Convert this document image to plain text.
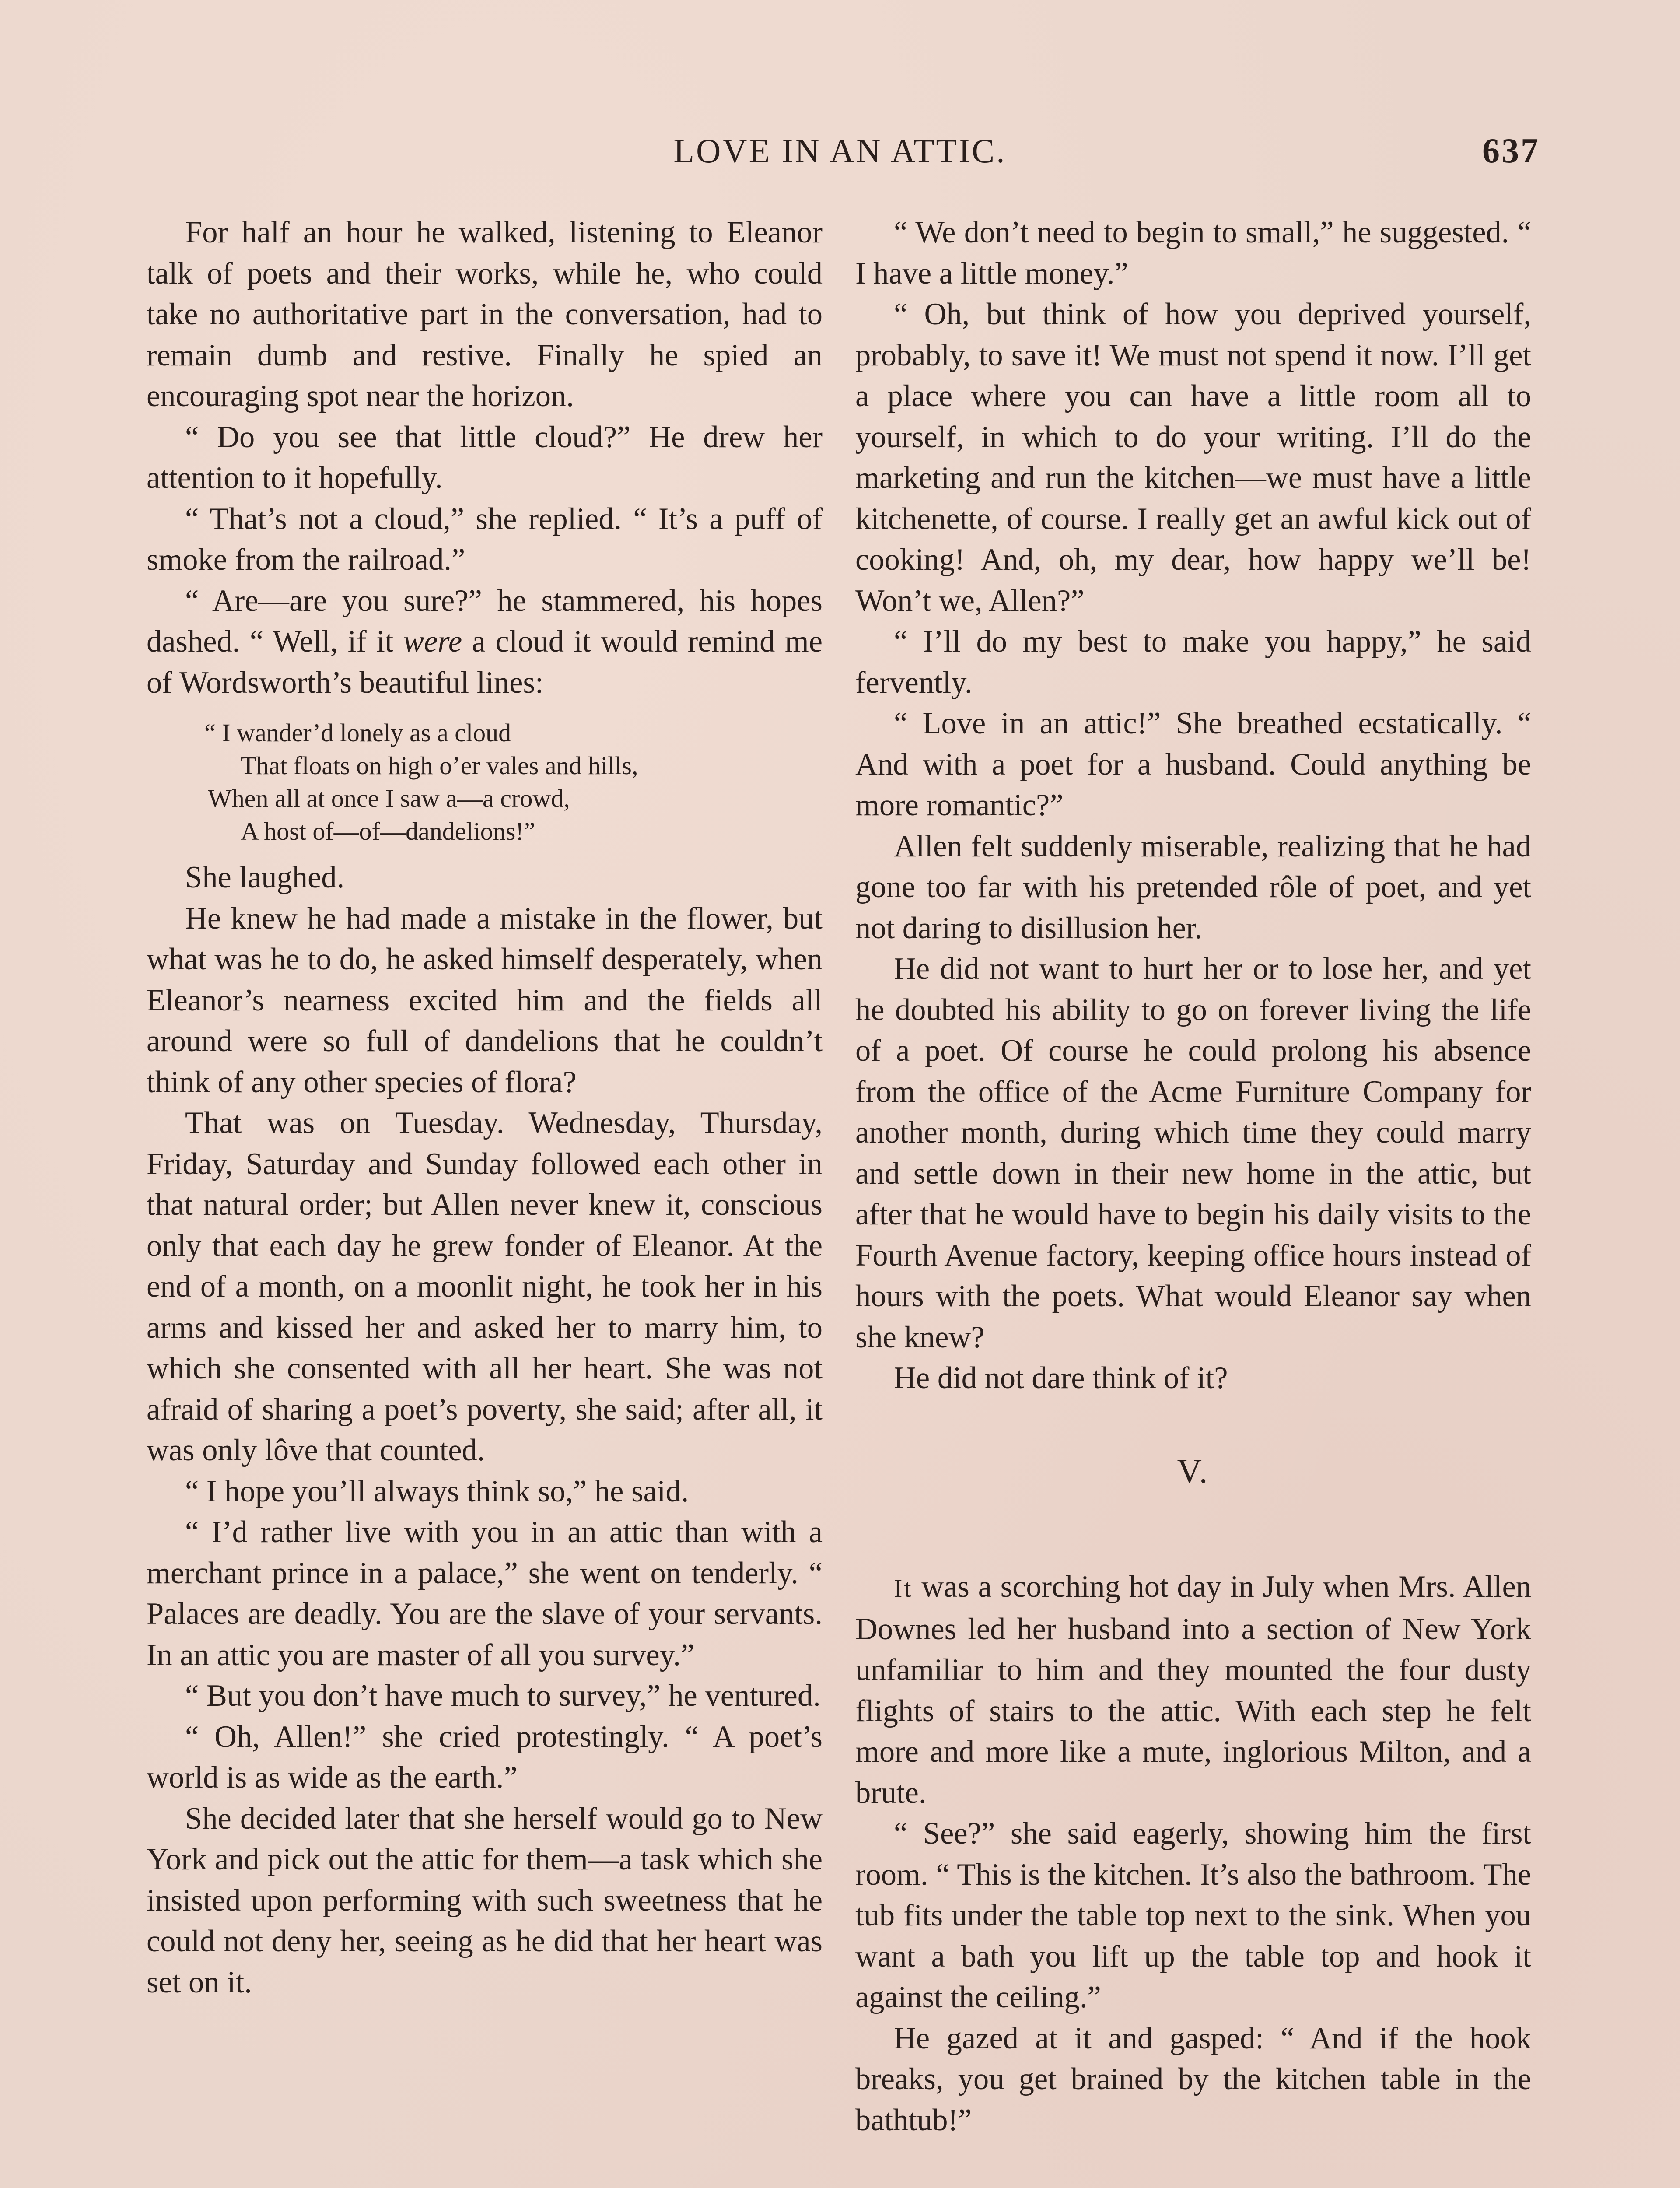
LOVE IN AN ATTIC.	637

For half an hour he walked, listening to Eleanor talk of poets and their works, while he, who could take no authoritative part in the conversation, had to remain dumb and restive. Finally he spied an encouraging spot near the horizon.

“ Do you see that little cloud?” He drew her attention to it hopefully.

“ That’s not a cloud,” she replied. “ It’s a puff of smoke from the railroad.”

“ Are—are you sure?” he stammered, his hopes dashed. “ Well, if it were a cloud it would remind me of Wordsworth’s beautiful lines:

“ I wander’d lonely as a cloud
That floats on high o’er vales and hills,
When all at once I saw a—a crowd,
A host of—of—dandelions!”

She laughed.

He knew he had made a mistake in the flower, but what was he to do, he asked himself desperately, when Eleanor’s nearness excited him and the fields all around were so full of dandelions that he couldn’t think of any other species of flora?

That was on Tuesday. Wednesday, Thursday, Friday, Saturday and Sunday followed each other in that natural order; but Allen never knew it, conscious only that each day he grew fonder of Eleanor. At the end of a month, on a moonlit night, he took her in his arms and kissed her and asked her to marry him, to which she consented with all her heart. She was not afraid of sharing a poet’s poverty, she said; after all, it was only lôve that counted.

“ I hope you’ll always think so,” he said.

“ I’d rather live with you in an attic than with a merchant prince in a palace,” she went on tenderly. “ Palaces are deadly. You are the slave of your servants. In an attic you are master of all you survey.”

“ But you don’t have much to survey,” he ventured.

“ Oh, Allen!” she cried protestingly. “ A poet’s world is as wide as the earth.”

She decided later that she herself would go to New York and pick out the attic for them—a task which she insisted upon performing with such sweetness that he could not deny her, seeing as he did that her heart was set on it.

“ We don’t need to begin to small,” he suggested. “ I have a little money.”

“ Oh, but think of how you deprived yourself, probably, to save it! We must not spend it now. I’ll get a place where you can have a little room all to yourself, in which to do your writing. I’ll do the marketing and run the kitchen—we must have a little kitchenette, of course. I really get an awful kick out of cooking! And, oh, my dear, how happy we’ll be! Won’t we, Allen?”

“ I’ll do my best to make you happy,” he said fervently.

“ Love in an attic!” She breathed ecstatically. “ And with a poet for a husband. Could anything be more romantic?”

Allen felt suddenly miserable, realizing that he had gone too far with his pretended rôle of poet, and yet not daring to disillusion her.

He did not want to hurt her or to lose her, and yet he doubted his ability to go on forever living the life of a poet. Of course he could prolong his absence from the office of the Acme Furniture Company for another month, during which time they could marry and settle down in their new home in the attic, but after that he would have to begin his daily visits to the Fourth Avenue factory, keeping office hours instead of hours with the poets. What would Eleanor say when she knew?

He did not dare think of it?

V.

It was a scorching hot day in July when Mrs. Allen Downes led her husband into a section of New York unfamiliar to him and they mounted the four dusty flights of stairs to the attic. With each step he felt more and more like a mute, inglorious Milton, and a brute.

“ See?” she said eagerly, showing him the first room. “ This is the kitchen. It’s also the bathroom. The tub fits under the table top next to the sink. When you want a bath you lift up the table top and hook it against the ceiling.”

He gazed at it and gasped: “ And if the hook breaks, you get brained by the kitchen table in the bathtub!”
